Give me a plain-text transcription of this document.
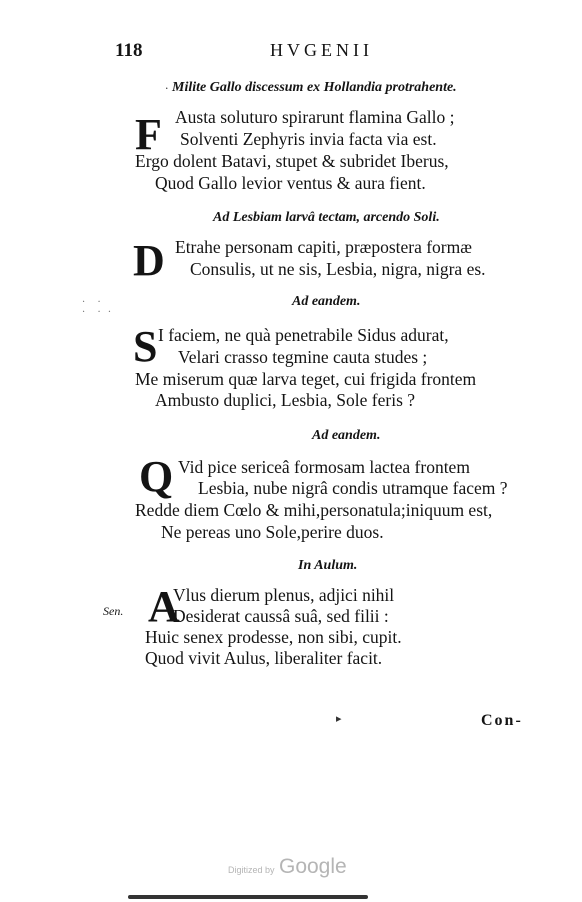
118	HVGENII
· Milite Gallo discessum ex Hollandia protrahente.
F Austa soluturo spirarunt flamina Gallo ;
Solventi Zephyris invia facta via est.
Ergo dolent Batavi, stupet & subridet Iberus,
Quod Gallo levior ventus & aura fient.
Ad Lesbiam larvâ tectam, arcendo Soli.
D Etrahe personam capiti, præpostera formæ
Consulis, ut ne sis, Lesbia, nigra, nigra es.
·  ·
·  · ·
Ad eandem.
S I faciem, ne quà penetrabile Sidus adurat,
Velari crasso tegmine cauta studes ;
Me miserum quæ larva teget, cui frigida frontem
Ambusto duplici, Lesbia, Sole feris ?
Ad eandem.
Q Vid pice sericeâ formosam lactea frontem
Lesbia, nube nigrâ condis utramque facem ?
Redde diem Cœlo & mihi,personatula;iniquum est,
Ne pereas uno Sole,perire duos.
In Aulum.
Sen. A
Vlus dierum plenus, adjici nihil
Desiderat caussâ suâ, sed filii :
Huic senex prodesse, non sibi, cupit.
Quod vivit Aulus, liberaliter facit.
▸	Con-
Digitized by Google
